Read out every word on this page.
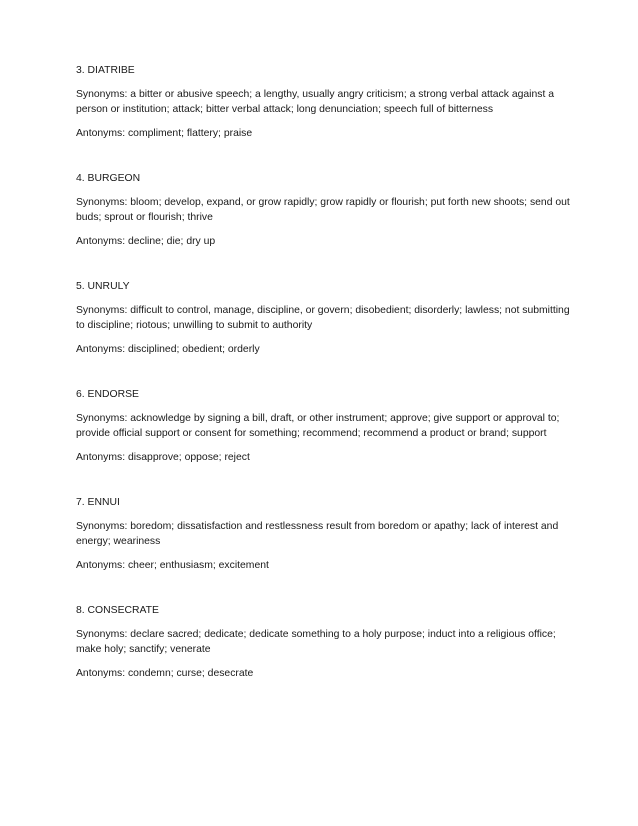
3. DIATRIBE

Synonyms: a bitter or abusive speech; a lengthy, usually angry criticism; a strong verbal attack against a person or institution; attack; bitter verbal attack; long denunciation; speech full of bitterness

Antonyms: compliment; flattery; praise

4. BURGEON

Synonyms: bloom; develop, expand, or grow rapidly; grow rapidly or flourish; put forth new shoots; send out buds; sprout or flourish; thrive

Antonyms: decline; die; dry up

5. UNRULY

Synonyms: difficult to control, manage, discipline, or govern; disobedient; disorderly; lawless; not submitting to discipline; riotous; unwilling to submit to authority

Antonyms: disciplined; obedient; orderly

6. ENDORSE

Synonyms: acknowledge by signing a bill, draft, or other instrument; approve; give support or approval to; provide official support or consent for something; recommend; recommend a product or brand; support

Antonyms: disapprove; oppose; reject

7. ENNUI

Synonyms: boredom; dissatisfaction and restlessness result from boredom or apathy; lack of interest and energy; weariness

Antonyms: cheer; enthusiasm; excitement

8. CONSECRATE

Synonyms: declare sacred; dedicate; dedicate something to a holy purpose; induct into a religious office; make holy; sanctify; venerate

Antonyms: condemn; curse; desecrate
